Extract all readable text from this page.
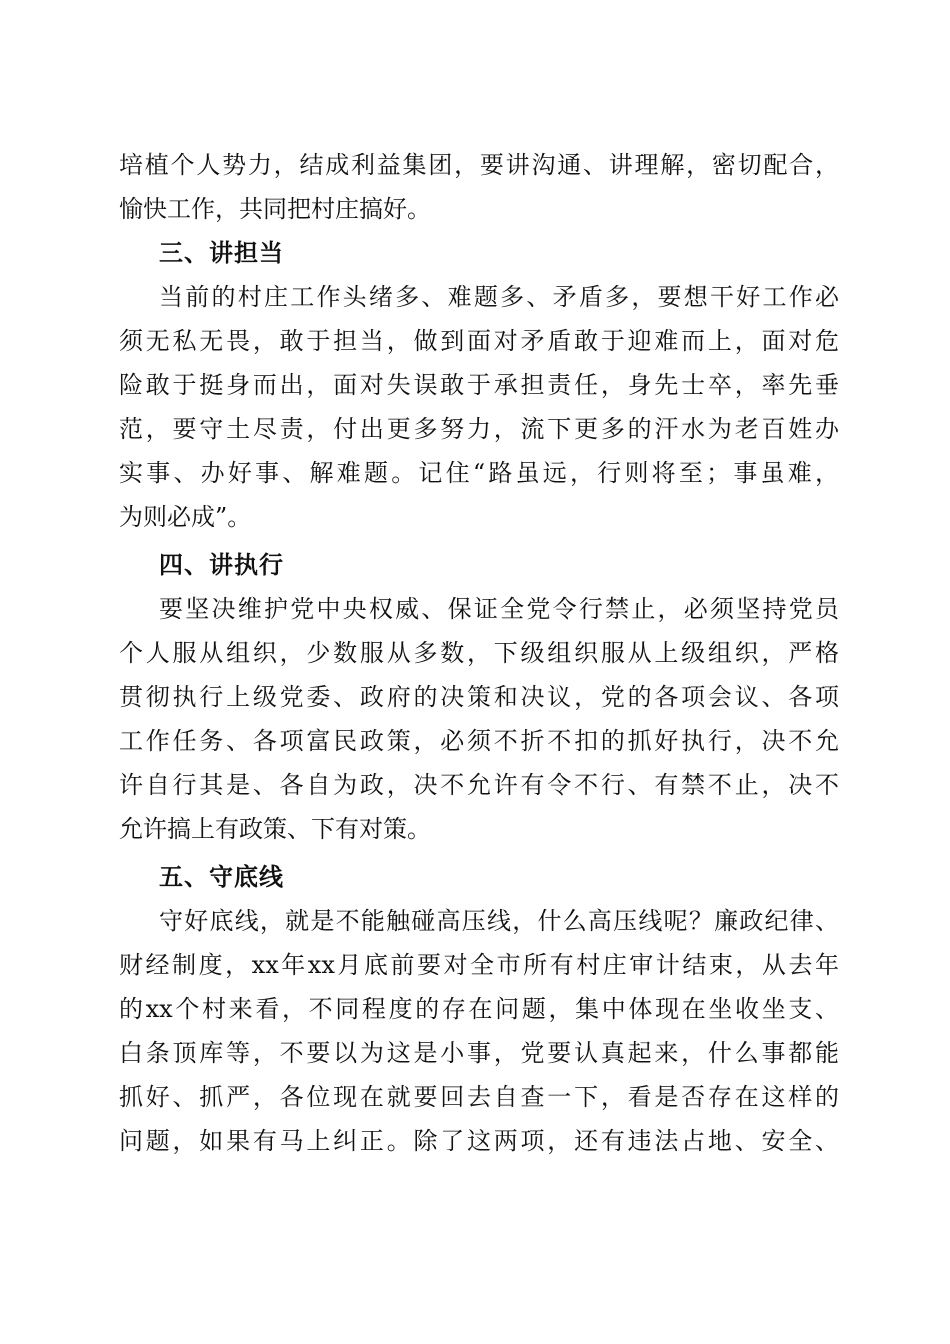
培植个人势力，结成利益集团，要讲沟通、讲理解，密切配合，
愉快工作，共同把村庄搞好。
三、讲担当
当前的村庄工作头绪多、难题多、矛盾多，要想干好工作必
须无私无畏，敢于担当，做到面对矛盾敢于迎难而上，面对危
险敢于挺身而出，面对失误敢于承担责任，身先士卒，率先垂
范，要守土尽责，付出更多努力，流下更多的汗水为老百姓办
实事、办好事、解难题。记住“路虽远，行则将至；事虽难，
为则必成”。
四、讲执行
要坚决维护党中央权威、保证全党令行禁止，必须坚持党员
个人服从组织，少数服从多数，下级组织服从上级组织，严格
贯彻执行上级党委、政府的决策和决议，党的各项会议、各项
工作任务、各项富民政策，必须不折不扣的抓好执行，决不允
许自行其是、各自为政，决不允许有令不行、有禁不止，决不
允许搞上有政策、下有对策。
五、守底线
守好底线，就是不能触碰高压线，什么高压线呢？廉政纪律、
财经制度，xx年xx月底前要对全市所有村庄审计结束，从去年
的xx个村来看，不同程度的存在问题，集中体现在坐收坐支、
白条顶库等，不要以为这是小事，党要认真起来，什么事都能
抓好、抓严，各位现在就要回去自查一下，看是否存在这样的
问题，如果有马上纠正。除了这两项，还有违法占地、安全、
